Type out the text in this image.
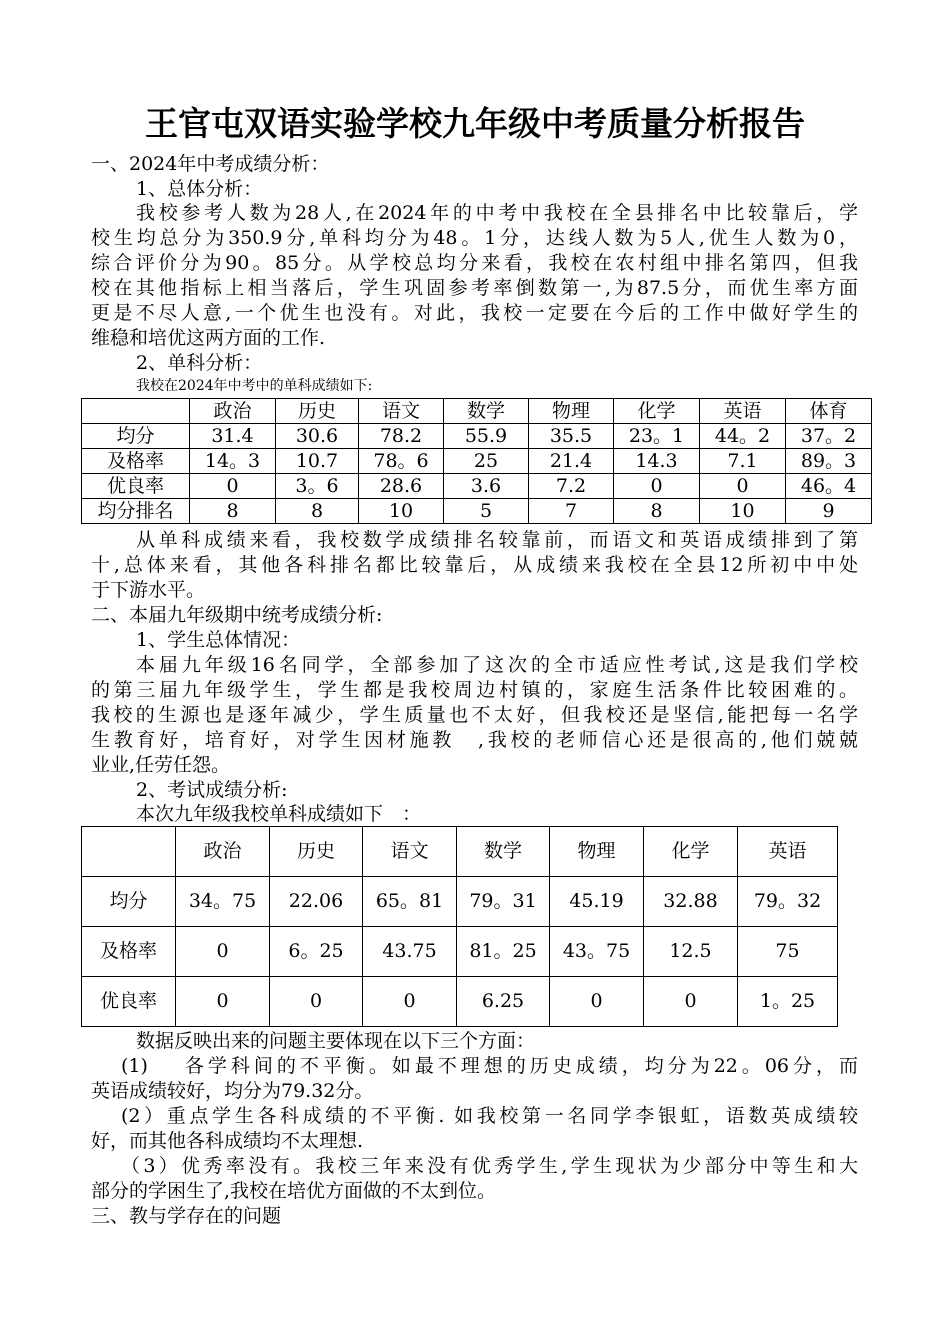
王官屯双语实验学校九年级中考质量分析报告
一、2024年中考成绩分析：
1、总体分析：
我校参考人数为28人,在2024年的中考中我校在全县排名中比较靠后，学
校生均总分为350.9分,单科均分为48。1分，达线人数为5人,优生人数为0，
综合评价分为90。85分。从学校总均分来看，我校在农村组中排名第四，但我
校在其他指标上相当落后，学生巩固参考率倒数第一,为87.5分，而优生率方面
更是不尽人意,一个优生也没有。对此，我校一定要在今后的工作中做好学生的
维稳和培优这两方面的工作.
2、单科分析：
我校在2024年中考中的单科成绩如下:
	政治	历史	语文	数学	物理	化学	英语	体育
均分	31.4	30.6	78.2	55.9	35.5	23。1	44。2	37。2
及格率	14。3	10.7	78。6	25	21.4	14.3	7.1	89。3
优良率	0	3。6	28.6	3.6	7.2	0	0	46。4
均分排名	8	8	10	5	7	8	10	9
从单科成绩来看，我校数学成绩排名较靠前，而语文和英语成绩排到了第
十,总体来看，其他各科排名都比较靠后，从成绩来我校在全县12所初中中处
于下游水平。
二、本届九年级期中统考成绩分析:
1、学生总体情况：
本届九年级16名同学，全部参加了这次的全市适应性考试,这是我们学校
的第三届九年级学生，学生都是我校周边村镇的，家庭生活条件比较困难的。
我校的生源也是逐年减少，学生质量也不太好，但我校还是坚信,能把每一名学
生教育好，培育好，对学生因材施教　,我校的老师信心还是很高的,他们兢兢
业业,任劳任怨。
2、考试成绩分析:
本次九年级我校单科成绩如下　：
	政治	历史	语文	数学	物理	化学	英语
均分	34。75	22.06	65。81	79。31	45.19	32.88	79。32
及格率	0	6。25	43.75	81。25	43。75	12.5	75
优良率	0	0	0	6.25	0	0	1。25
数据反映出来的问题主要体现在以下三个方面：
(1)　 各学科间的不平衡。如最不理想的历史成绩，均分为22。06分，而
英语成绩较好，均分为79.32分。
(2）重点学生各科成绩的不平衡. 如我校第一名同学李银虹，语数英成绩较
好，而其他各科成绩均不太理想.
（3）优秀率没有。我校三年来没有优秀学生,学生现状为少部分中等生和大
部分的学困生了,我校在培优方面做的不太到位。
三、教与学存在的问题
